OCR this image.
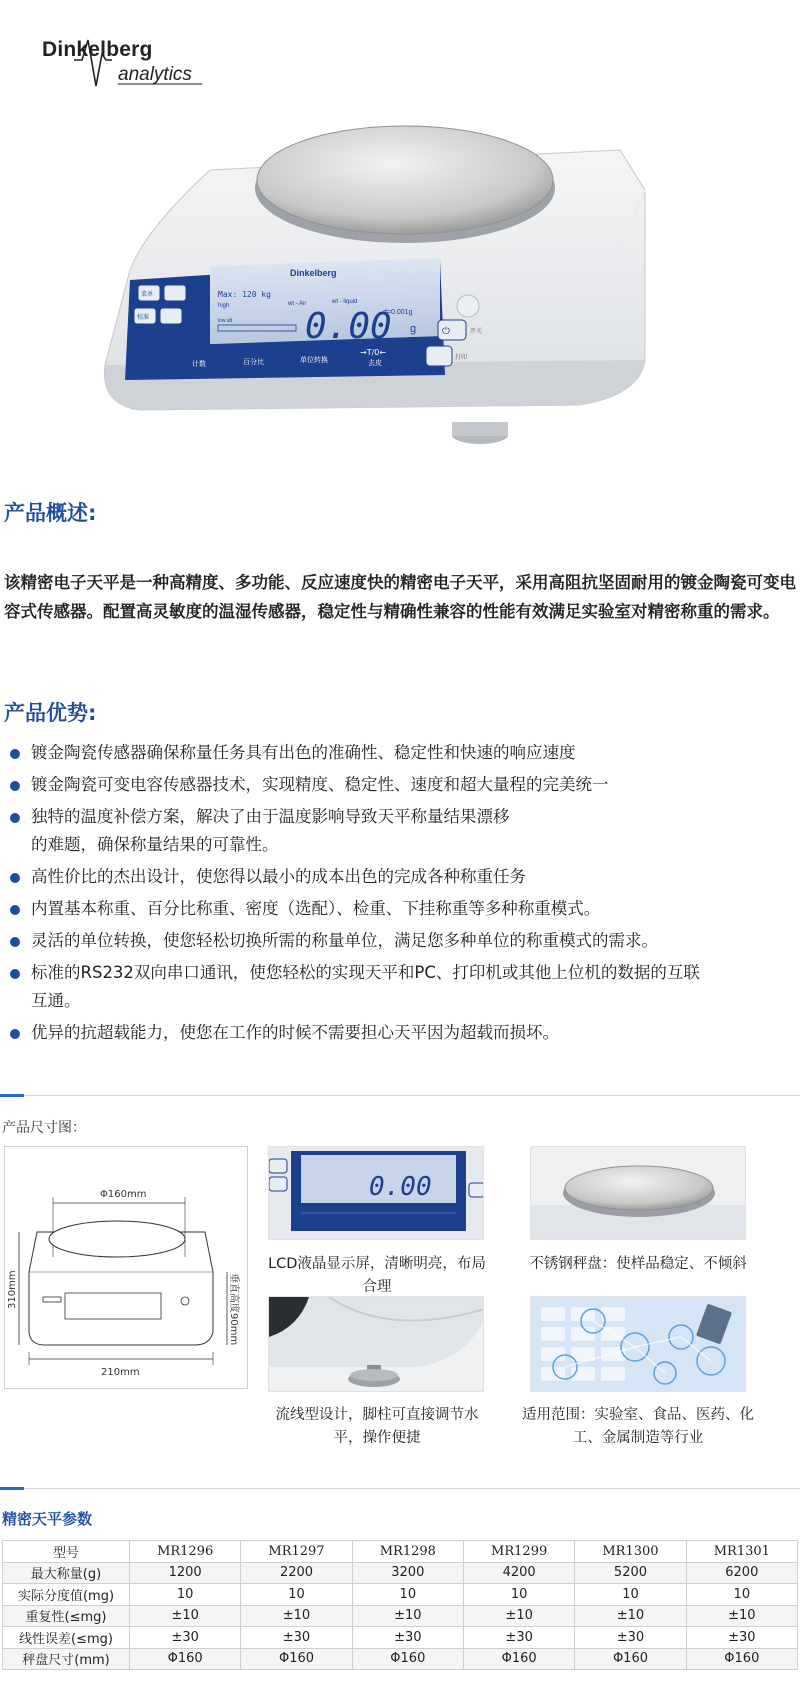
Dinkelberg
analytics
Dinkelberg
Max: 120 kg
high	wt - Air	wt - liquid
d=0.001g
0.00 g
n
low alt
计数	百分比	单位转换
→T/0←
去皮
菜单
校准
⏻	开关
打印
产品概述:
该精密电子天平是一种高精度、多功能、反应速度快的精密电子天平，采用高阻抗坚固耐用的镀金陶瓷可变电容式传感器。配置高灵敏度的温湿传感器，稳定性与精确性兼容的性能有效满足实验室对精密称重的需求。
产品优势:
镀金陶瓷传感器确保称量任务具有出色的准确性、稳定性和快速的响应速度
镀金陶瓷可变电容传感器技术，实现精度、稳定性、速度和超大量程的完美统一
独特的温度补偿方案，解决了由于温度影响导致天平称量结果漂移的难题，确保称量结果的可靠性。
高性价比的杰出设计，使您得以最小的成本出色的完成各种称重任务
内置基本称重、百分比称重、密度（选配）、检重、下挂称重等多种称重模式。
灵活的单位转换，使您轻松切换所需的称量单位，满足您多种单位的称重模式的需求。
标准的RS232双向串口通讯，使您轻松的实现天平和PC、打印机或其他上位机的数据的互联互通。
优异的抗超载能力，使您在工作的时候不需要担心天平因为超载而损坏。
产品尺寸图：
Φ160mm
210mm
310mm	垂直高度90mm
0.00
LCD液晶显示屏，清晰明亮，布局合理
不锈钢秤盘：使样品稳定、不倾斜
流线型设计，脚柱可直接调节水平，操作便捷
适用范围：实验室、食品、医药、化工、金属制造等行业
精密天平参数
型号	MR1296	MR1297	MR1298	MR1299	MR1300	MR1301
最大称量(g)	1200	2200	3200	4200	5200	6200
实际分度值(mg)	10	10	10	10	10	10
重复性(≤mg)	±10	±10	±10	±10	±10	±10
线性误差(≤mg)	±30	±30	±30	±30	±30	±30
秤盘尺寸(mm)	Φ160	Φ160	Φ160	Φ160	Φ160	Φ160
